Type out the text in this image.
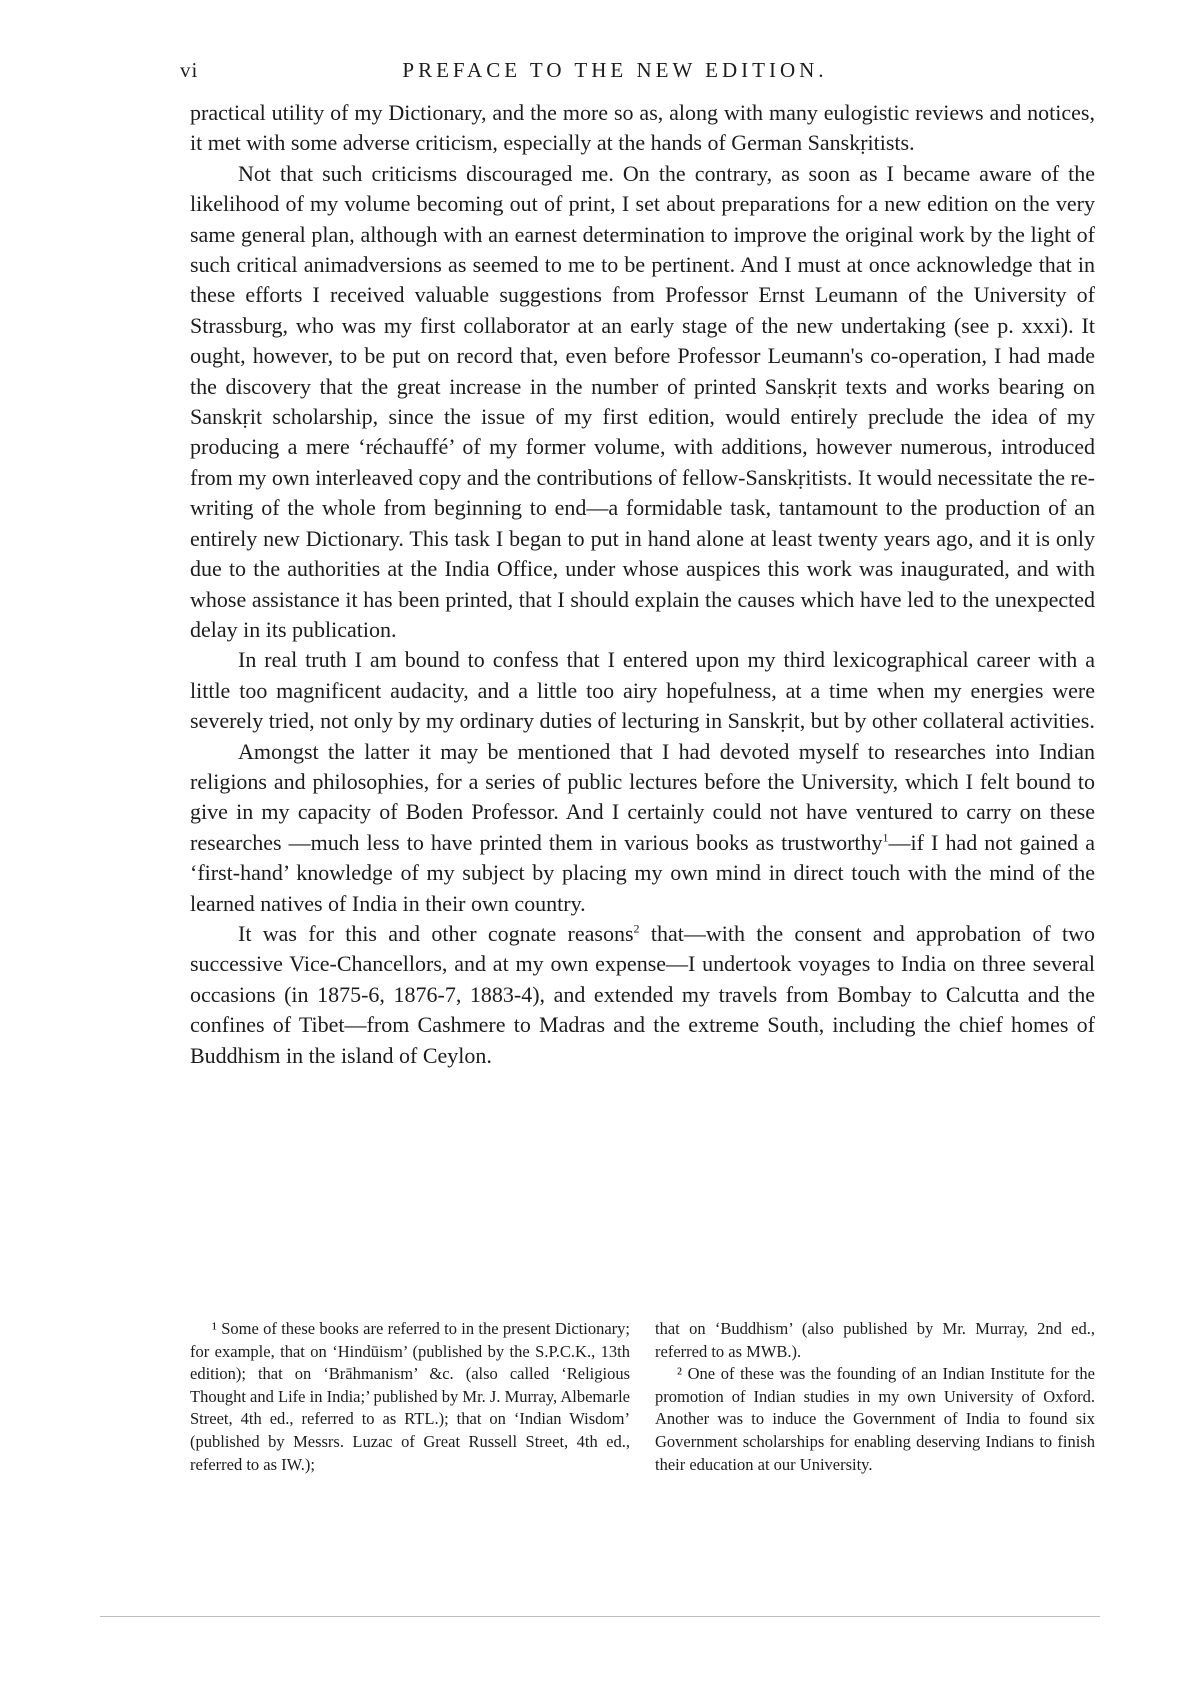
vi	PREFACE TO THE NEW EDITION.

practical utility of my Dictionary, and the more so as, along with many eulogistic reviews and notices, it met with some adverse criticism, especially at the hands of German Sanskṛitists.

Not that such criticisms discouraged me. On the contrary, as soon as I became aware of the likelihood of my volume becoming out of print, I set about preparations for a new edition on the very same general plan, although with an earnest determination to improve the original work by the light of such critical animadversions as seemed to me to be pertinent. And I must at once acknowledge that in these efforts I received valuable suggestions from Professor Ernst Leumann of the University of Strassburg, who was my first collaborator at an early stage of the new undertaking (see p. xxxi). It ought, however, to be put on record that, even before Professor Leumann's co-operation, I had made the discovery that the great increase in the number of printed Sanskṛit texts and works bearing on Sanskṛit scholarship, since the issue of my first edition, would entirely preclude the idea of my producing a mere ‘réchauffé’ of my former volume, with additions, however numerous, introduced from my own interleaved copy and the contributions of fellow-Sanskṛitists. It would necessitate the re-writing of the whole from beginning to end—a formidable task, tantamount to the production of an entirely new Dictionary. This task I began to put in hand alone at least twenty years ago, and it is only due to the authorities at the India Office, under whose auspices this work was inaugurated, and with whose assistance it has been printed, that I should explain the causes which have led to the unexpected delay in its publication.

In real truth I am bound to confess that I entered upon my third lexicographical career with a little too magnificent audacity, and a little too airy hopefulness, at a time when my energies were severely tried, not only by my ordinary duties of lecturing in Sanskṛit, but by other collateral activities.

Amongst the latter it may be mentioned that I had devoted myself to researches into Indian religions and philosophies, for a series of public lectures before the University, which I felt bound to give in my capacity of Boden Professor. And I certainly could not have ventured to carry on these researches —much less to have printed them in various books as trustworthy$^1$—if I had not gained a ‘first-hand’ knowledge of my subject by placing my own mind in direct touch with the mind of the learned natives of India in their own country.

It was for this and other cognate reasons$^2$ that—with the consent and approbation of two successive Vice-Chancellors, and at my own expense—I undertook voyages to India on three several occasions (in 1875-6, 1876-7, 1883-4), and extended my travels from Bombay to Calcutta and the confines of Tibet—from Cashmere to Madras and the extreme South, including the chief homes of Buddhism in the island of Ceylon.

¹ Some of these books are referred to in the present Dictionary; for example, that on ‘Hindūism’ (published by the S.P.C.K., 13th edition); that on ‘Brāhmanism’ &c. (also called ‘Religious Thought and Life in India;’ published by Mr. J. Murray, Albemarle Street, 4th ed., referred to as RTL.); that on ‘Indian Wisdom’ (published by Messrs. Luzac of Great Russell Street, 4th ed., referred to as IW.);

that on ‘Buddhism’ (also published by Mr. Murray, 2nd ed., referred to as MWB.).

² One of these was the founding of an Indian Institute for the promotion of Indian studies in my own University of Oxford. Another was to induce the Government of India to found six Government scholarships for enabling deserving Indians to finish their education at our University.
